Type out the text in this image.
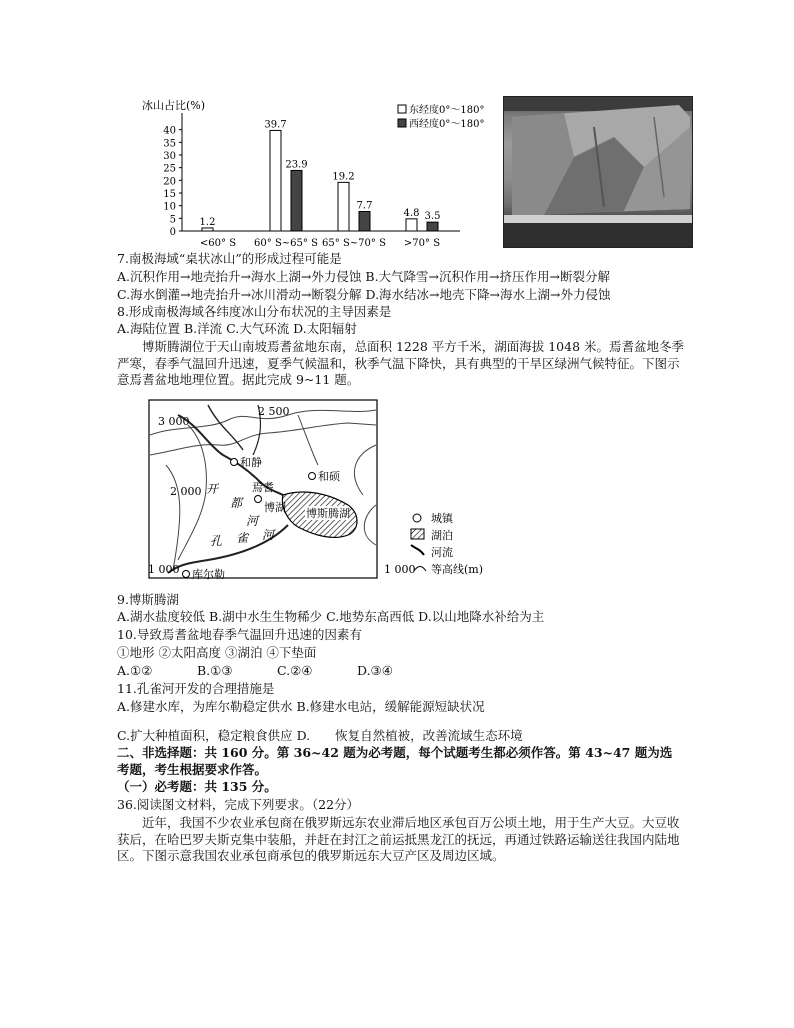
冰山占比(%)
0
5
10
15
20
25
30
35
40
1.2
39.7
23.9
19.2
7.7
4.8 3.5
<60° S 60° S~65° S 65° S~70° S >70° S
东经度0°～180°
西经度0°～180°
7.南极海域“桌状冰山”的形成过程可能是
A.沉积作用→地壳抬升→海水上湖→外力侵蚀 B.大气降雪→沉积作用→挤压作用→断裂分解
C.海水倒灌→地壳抬升→冰川滑动→断裂分解 D.海水结冰→地壳下降→海水上湖→外力侵蚀
8.形成南极海域各纬度冰山分布状况的主导因素是
A.海陆位置 B.洋流 C.大气环流 D.太阳辐射
博斯腾湖位于天山南坡焉耆盆地东南，总面积 1228 平方千米，湖面海拔 1048 米。焉耆盆地冬季严寒，春季气温回升迅速，夏季气候温和，秋季气温下降快，具有典型的干旱区绿洲气候特征。下图示意焉耆盆地地理位置。据此完成 9~11 题。
博斯腾湖
3 000
2 500
2 000
1 000
和静
和硕
焉耆
博湖
库尔勒
开
都
河
孔 雀 河
城镇
湖泊
河流
1 000 等高线(m)
9.博斯腾湖
A.湖水盐度较低 B.湖中水生生物稀少 C.地势东高西低 D.以山地降水补给为主
10.导致焉耆盆地春季气温回升迅速的因素有
①地形 ②太阳高度 ③湖泊 ④下垫面
A.①②	B.①③	C.②④	D.③④
11.孔雀河开发的合理措施是
A.修建水库，为库尔勒稳定供水 B.修建水电站，缓解能源短缺状况
C.扩大种植面积，稳定粮食供应 D.　　恢复自然植被，改善流域生态环境
二、非选择题：共 160 分。第 36~42 题为必考题，每个试题考生都必须作答。第 43~47 题为选
考题，考生根据要求作答。
（一）必考题：共 135 分。
36.阅读图文材料，完成下列要求。（22分）
近年，我国不少农业承包商在俄罗斯远东农业滞后地区承包百万公顷土地，用于生产大豆。大豆收获后，在哈巴罗夫斯克集中装船，并赶在封江之前运抵黑龙江的抚远，再通过铁路运输送往我国内陆地区。下图示意我国农业承包商承包的俄罗斯远东大豆产区及周边区域。
